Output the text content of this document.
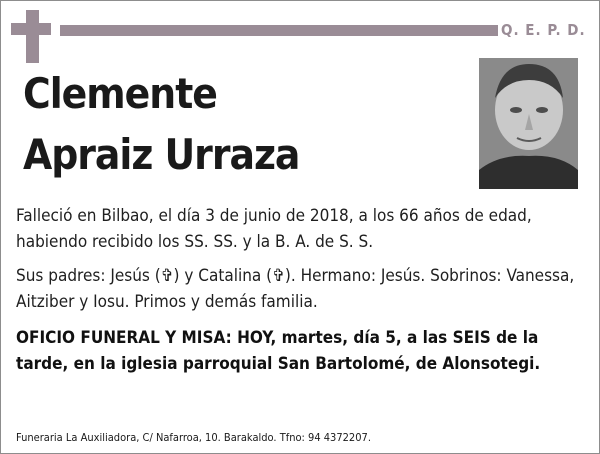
Q. E. P. D.
Clemente
Apraiz Urraza
Falleció en Bilbao, el día 3 de junio de 2018, a los 66 años de edad, habiendo recibido los SS. SS. y la B. A. de S. S.
Sus padres: Jesús (✞) y Catalina (✞). Hermano: Jesús. Sobrinos: Vanessa, Aitziber y Iosu. Primos y demás familia.
OFICIO FUNERAL Y MISA: HOY, martes, día 5, a las SEIS de la tarde, en la iglesia parroquial San Bartolomé, de Alonsotegi.
Funeraria La Auxiliadora, C/ Nafarroa, 10. Barakaldo. Tfno: 94 4372207.
